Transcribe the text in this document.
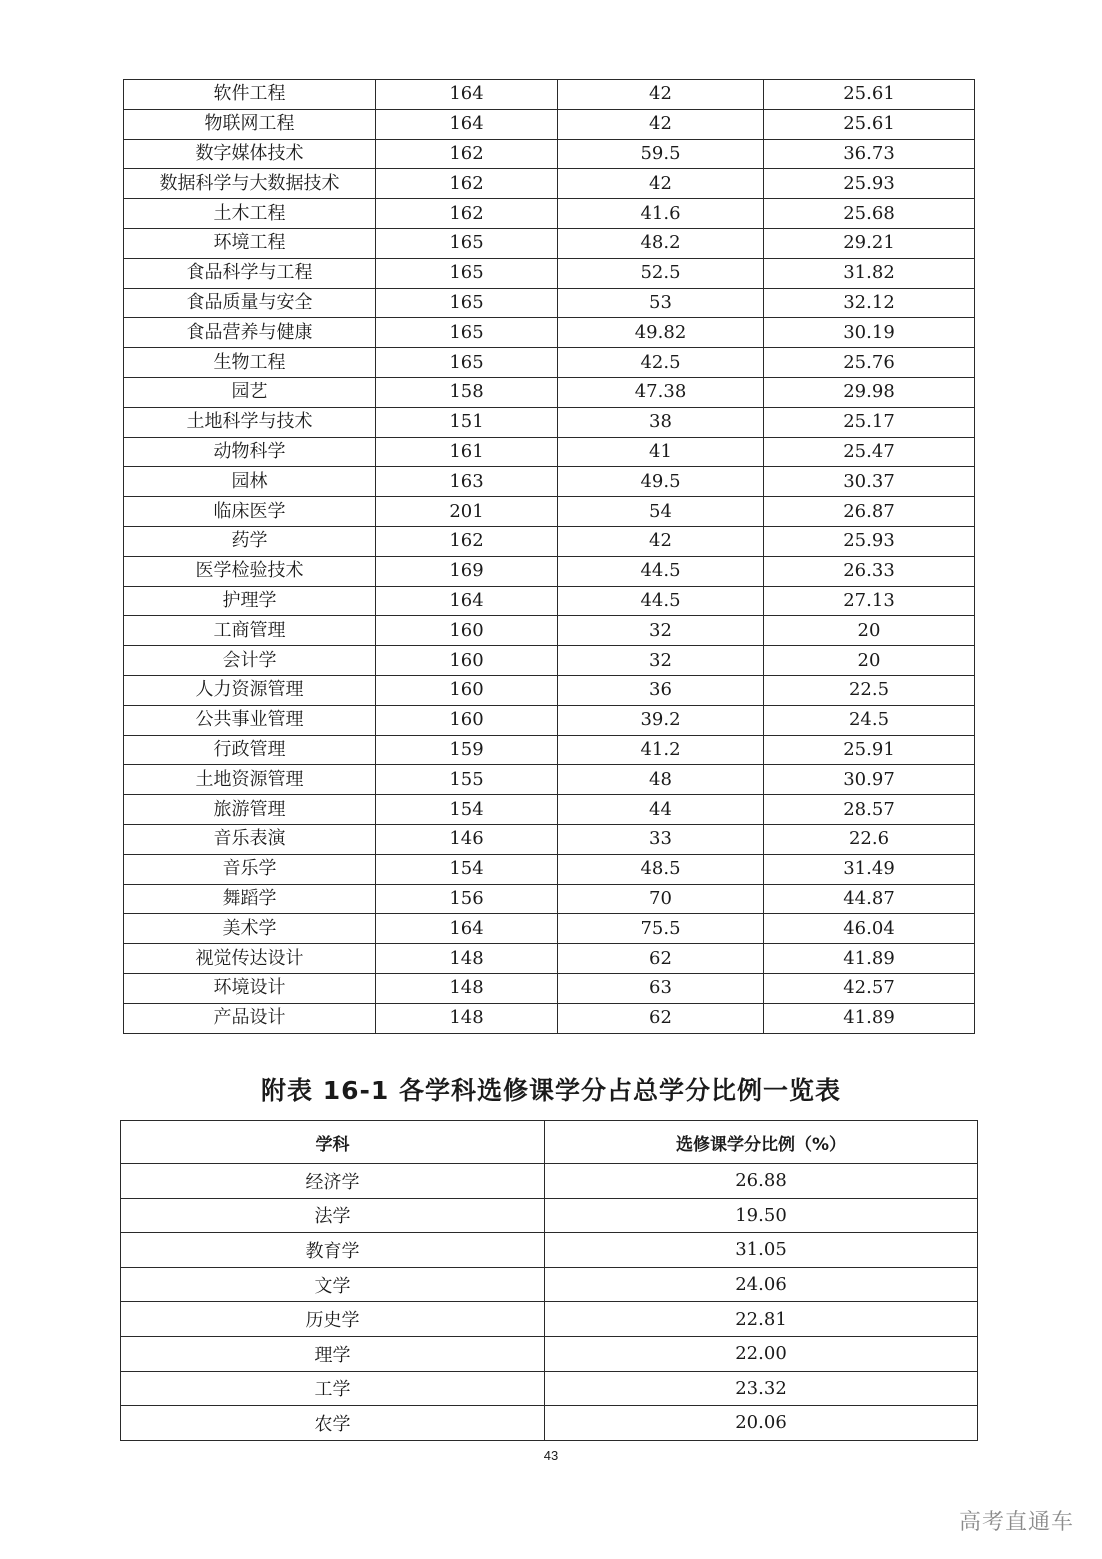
软件工程	164	42	25.61
物联网工程	164	42	25.61
数字媒体技术	162	59.5	36.73
数据科学与大数据技术	162	42	25.93
土木工程	162	41.6	25.68
环境工程	165	48.2	29.21
食品科学与工程	165	52.5	31.82
食品质量与安全	165	53	32.12
食品营养与健康	165	49.82	30.19
生物工程	165	42.5	25.76
园艺	158	47.38	29.98
土地科学与技术	151	38	25.17
动物科学	161	41	25.47
园林	163	49.5	30.37
临床医学	201	54	26.87
药学	162	42	25.93
医学检验技术	169	44.5	26.33
护理学	164	44.5	27.13
工商管理	160	32	20
会计学	160	32	20
人力资源管理	160	36	22.5
公共事业管理	160	39.2	24.5
行政管理	159	41.2	25.91
土地资源管理	155	48	30.97
旅游管理	154	44	28.57
音乐表演	146	33	22.6
音乐学	154	48.5	31.49
舞蹈学	156	70	44.87
美术学	164	75.5	46.04
视觉传达设计	148	62	41.89
环境设计	148	63	42.57
产品设计	148	62	41.89
附表 16-1 各学科选修课学分占总学分比例一览表
学科	选修课学分比例（%）
经济学	26.88
法学	19.50
教育学	31.05
文学	24.06
历史学	22.81
理学	22.00
工学	23.32
农学	20.06
43
高考直通车
